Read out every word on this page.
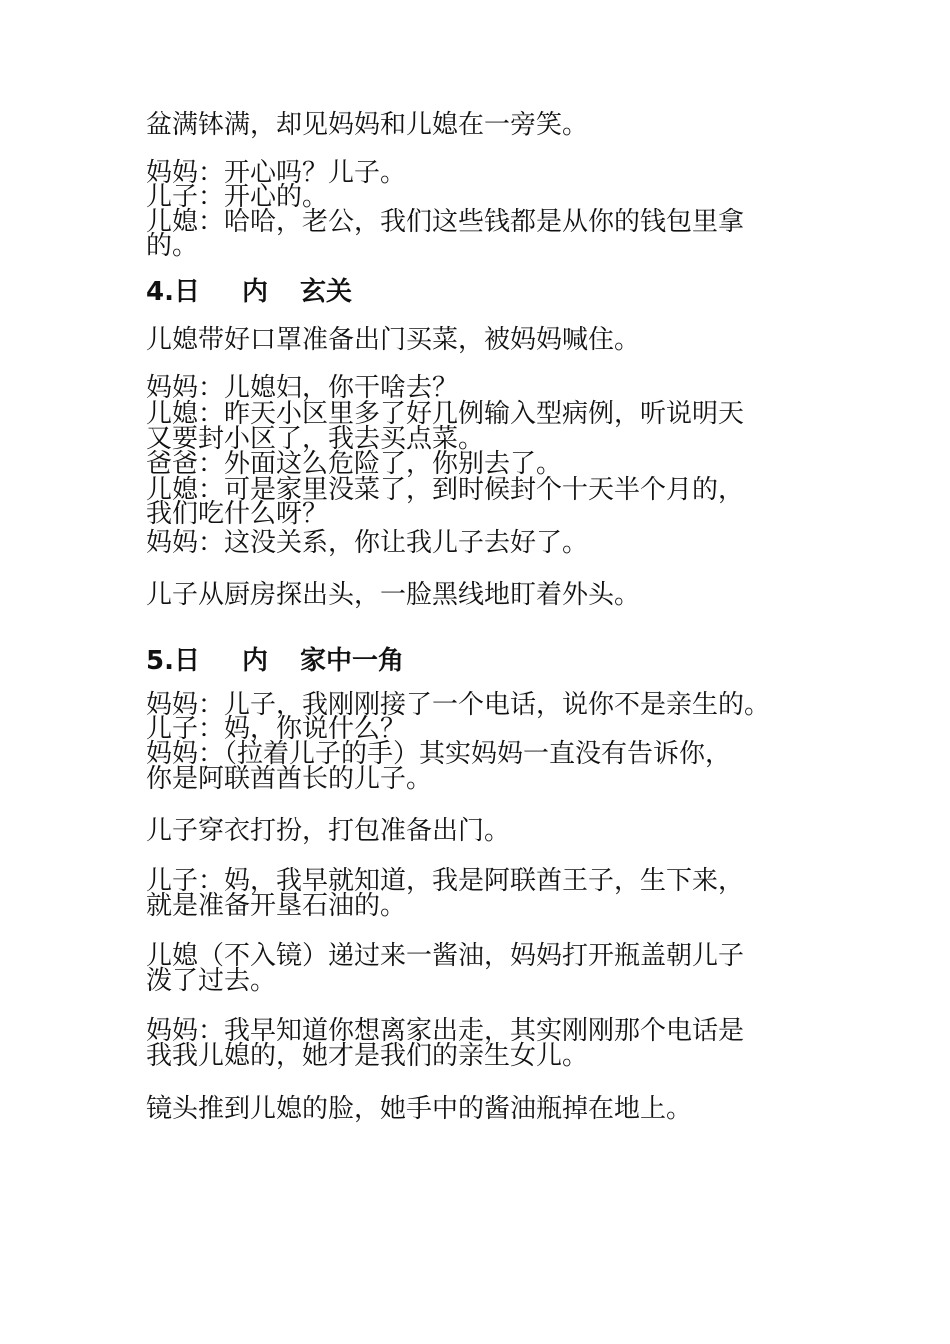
盆满钵满，却见妈妈和儿媳在一旁笑。

妈妈：开心吗？儿子。

儿子：开心的。

儿媳：哈哈，老公，我们这些钱都是从你的钱包里拿

的。

4.日 内 玄关

儿媳带好口罩准备出门买菜，被妈妈喊住。

妈妈：儿媳妇，你干啥去？

儿媳：昨天小区里多了好几例输入型病例，听说明天

又要封小区了，我去买点菜。

爸爸：外面这么危险了，你别去了。

儿媳：可是家里没菜了，到时候封个十天半个月的，

我们吃什么呀？

妈妈：这没关系，你让我儿子去好了。

儿子从厨房探出头，一脸黑线地盯着外头。

5.日 内 家中一角

妈妈：儿子，我刚刚接了一个电话，说你不是亲生的。

儿子：妈，你说什么？

妈妈：（拉着儿子的手）其实妈妈一直没有告诉你，

你是阿联酋酋长的儿子。

儿子穿衣打扮，打包准备出门。

儿子：妈，我早就知道，我是阿联酋王子，生下来，

就是准备开垦石油的。

儿媳（不入镜）递过来一酱油，妈妈打开瓶盖朝儿子

泼了过去。

妈妈：我早知道你想离家出走，其实刚刚那个电话是

我我儿媳的，她才是我们的亲生女儿。

镜头推到儿媳的脸，她手中的酱油瓶掉在地上。
